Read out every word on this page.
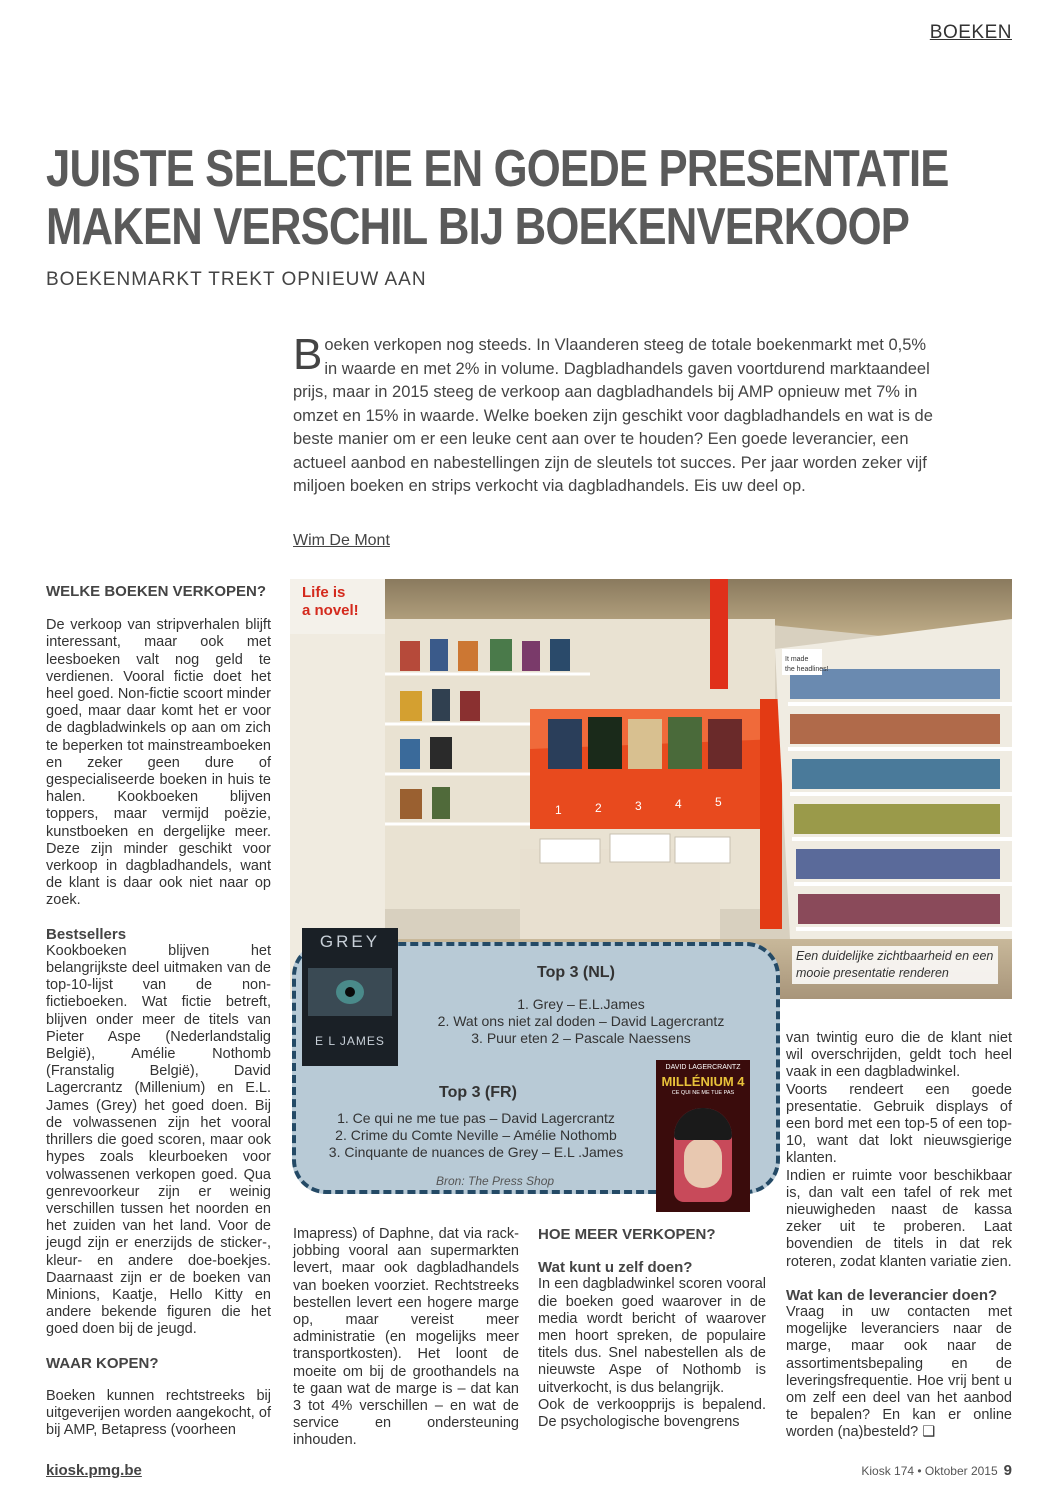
BOEKEN
JUISTE SELECTIE EN GOEDE PRESENTATIE
MAKEN VERSCHIL BIJ BOEKENVERKOOP
BOEKENMARKT TREKT OPNIEUW AAN
Boeken verkopen nog steeds. In Vlaanderen steeg de totale boekenmarkt met 0,5% in waarde en met 2% in volume. Dagbladhandels gaven voortdurend marktaandeel prijs, maar in 2015 steeg de verkoop aan dagbladhandels bij AMP opnieuw met 7% in omzet en 15% in waarde. Welke boeken zijn geschikt voor dagbladhandels en wat is de beste manier om er een leuke cent aan over te houden? Een goede leverancier, een actueel aanbod en nabestellingen zijn de sleutels tot succes. Per jaar worden zeker vijf miljoen boeken en strips verkocht via dagbladhandels. Eis uw deel op.
Wim De Mont

WELKE BOEKEN VERKOPEN?

De verkoop van stripverhalen blijft interessant, maar ook met leesboeken valt nog geld te verdienen. Vooral fictie doet het heel goed. Non-fictie scoort minder goed, maar daar komt het er voor de dagbladwinkels op aan om zich te beperken tot mainstreamboeken en zeker geen dure of gespecialiseerde boeken in huis te halen. Kookboeken blijven toppers, maar vermijd poëzie, kunstboeken en dergelijke meer. Deze zijn minder geschikt voor verkoop in dagbladhandels, want de klant is daar ook niet naar op zoek.

Bestsellers

Kookboeken blijven het belangrijkste deel uitmaken van de top-10-lijst van de non-fictieboeken. Wat fictie betreft, blijven onder meer de titels van Pieter Aspe (Nederlandstalig België), Amélie Nothomb (Franstalig België), David Lagercrantz (Millenium) en E.L. James (Grey) het goed doen. Bij de volwassenen zijn het vooral thrillers die goed scoren, maar ook hypes zoals kleurboeken voor volwassenen verkopen goed. Qua genrevoorkeur zijn er weinig verschillen tussen het noorden en het zuiden van het land. Voor de jeugd zijn er enerzijds de sticker-, kleur- en andere doe-boekjes. Daarnaast zijn er de boeken van Minions, Kaatje, Hello Kitty en andere bekende figuren die het goed doen bij de jeugd.

WAAR KOPEN?

Boeken kunnen rechtstreeks bij uitgeverijen worden aangekocht, of bij AMP, Betapress (voorheen

Life is
a novel!
1	2	3	4	5
It made
the headlines!
Een duidelijke zichtbaarheid en een mooie presentatie renderen
Top 3 (NL)
1. Grey – E.L.James
2. Wat ons niet zal doden – David Lagercrantz
3. Puur eten 2 – Pascale Naessens
Top 3 (FR)
1. Ce qui ne me tue pas – David Lagercrantz
2. Crime du Comte Neville – Amélie Nothomb
3. Cinquante de nuances de Grey – E.L .James
Bron: The Press Shop
GREY
E L JAMES
DAVID LAGERCRANTZ
MILLÉNIUM 4
CE QUI NE ME TUE PAS

Imapress) of Daphne, dat via rack-jobbing vooral aan supermarkten levert, maar ook dagbladhandels van boeken voorziet. Rechtstreeks bestellen levert een hogere marge op, maar vereist meer administratie (en mogelijks meer transportkosten). Het loont de moeite om bij de groothandels na te gaan wat de marge is – dat kan 3 tot 4% verschillen – en wat de service en ondersteuning inhouden.

HOE MEER VERKOPEN?

Wat kunt u zelf doen?

In een dagbladwinkel scoren vooral die boeken goed waarover in de media wordt bericht of waarover men hoort spreken, de populaire titels dus. Snel nabestellen als de nieuwste Aspe of Nothomb is uitverkocht, is dus belangrijk.

Ook de verkoopprijs is bepalend. De psychologische bovengrens

van twintig euro die de klant niet wil overschrijden, geldt toch heel vaak in een dagbladwinkel.

Voorts rendeert een goede presentatie. Gebruik displays of een bord met een top-5 of een top-10, want dat lokt nieuwsgierige klanten.

Indien er ruimte voor beschikbaar is, dan valt een tafel of rek met nieuwigheden naast de kassa zeker uit te proberen. Laat bovendien de titels in dat rek roteren, zodat klanten variatie zien.

Wat kan de leverancier doen?

Vraag in uw contacten met mogelijke leveranciers naar de marge, maar ook naar de assortimentsbepaling en de leveringsfrequentie. Hoe vrij bent u om zelf een deel van het aanbod te bepalen? En kan er online worden (na)besteld? ❑

kiosk.pmg.be	Kiosk 174 • Oktober 2015 9
